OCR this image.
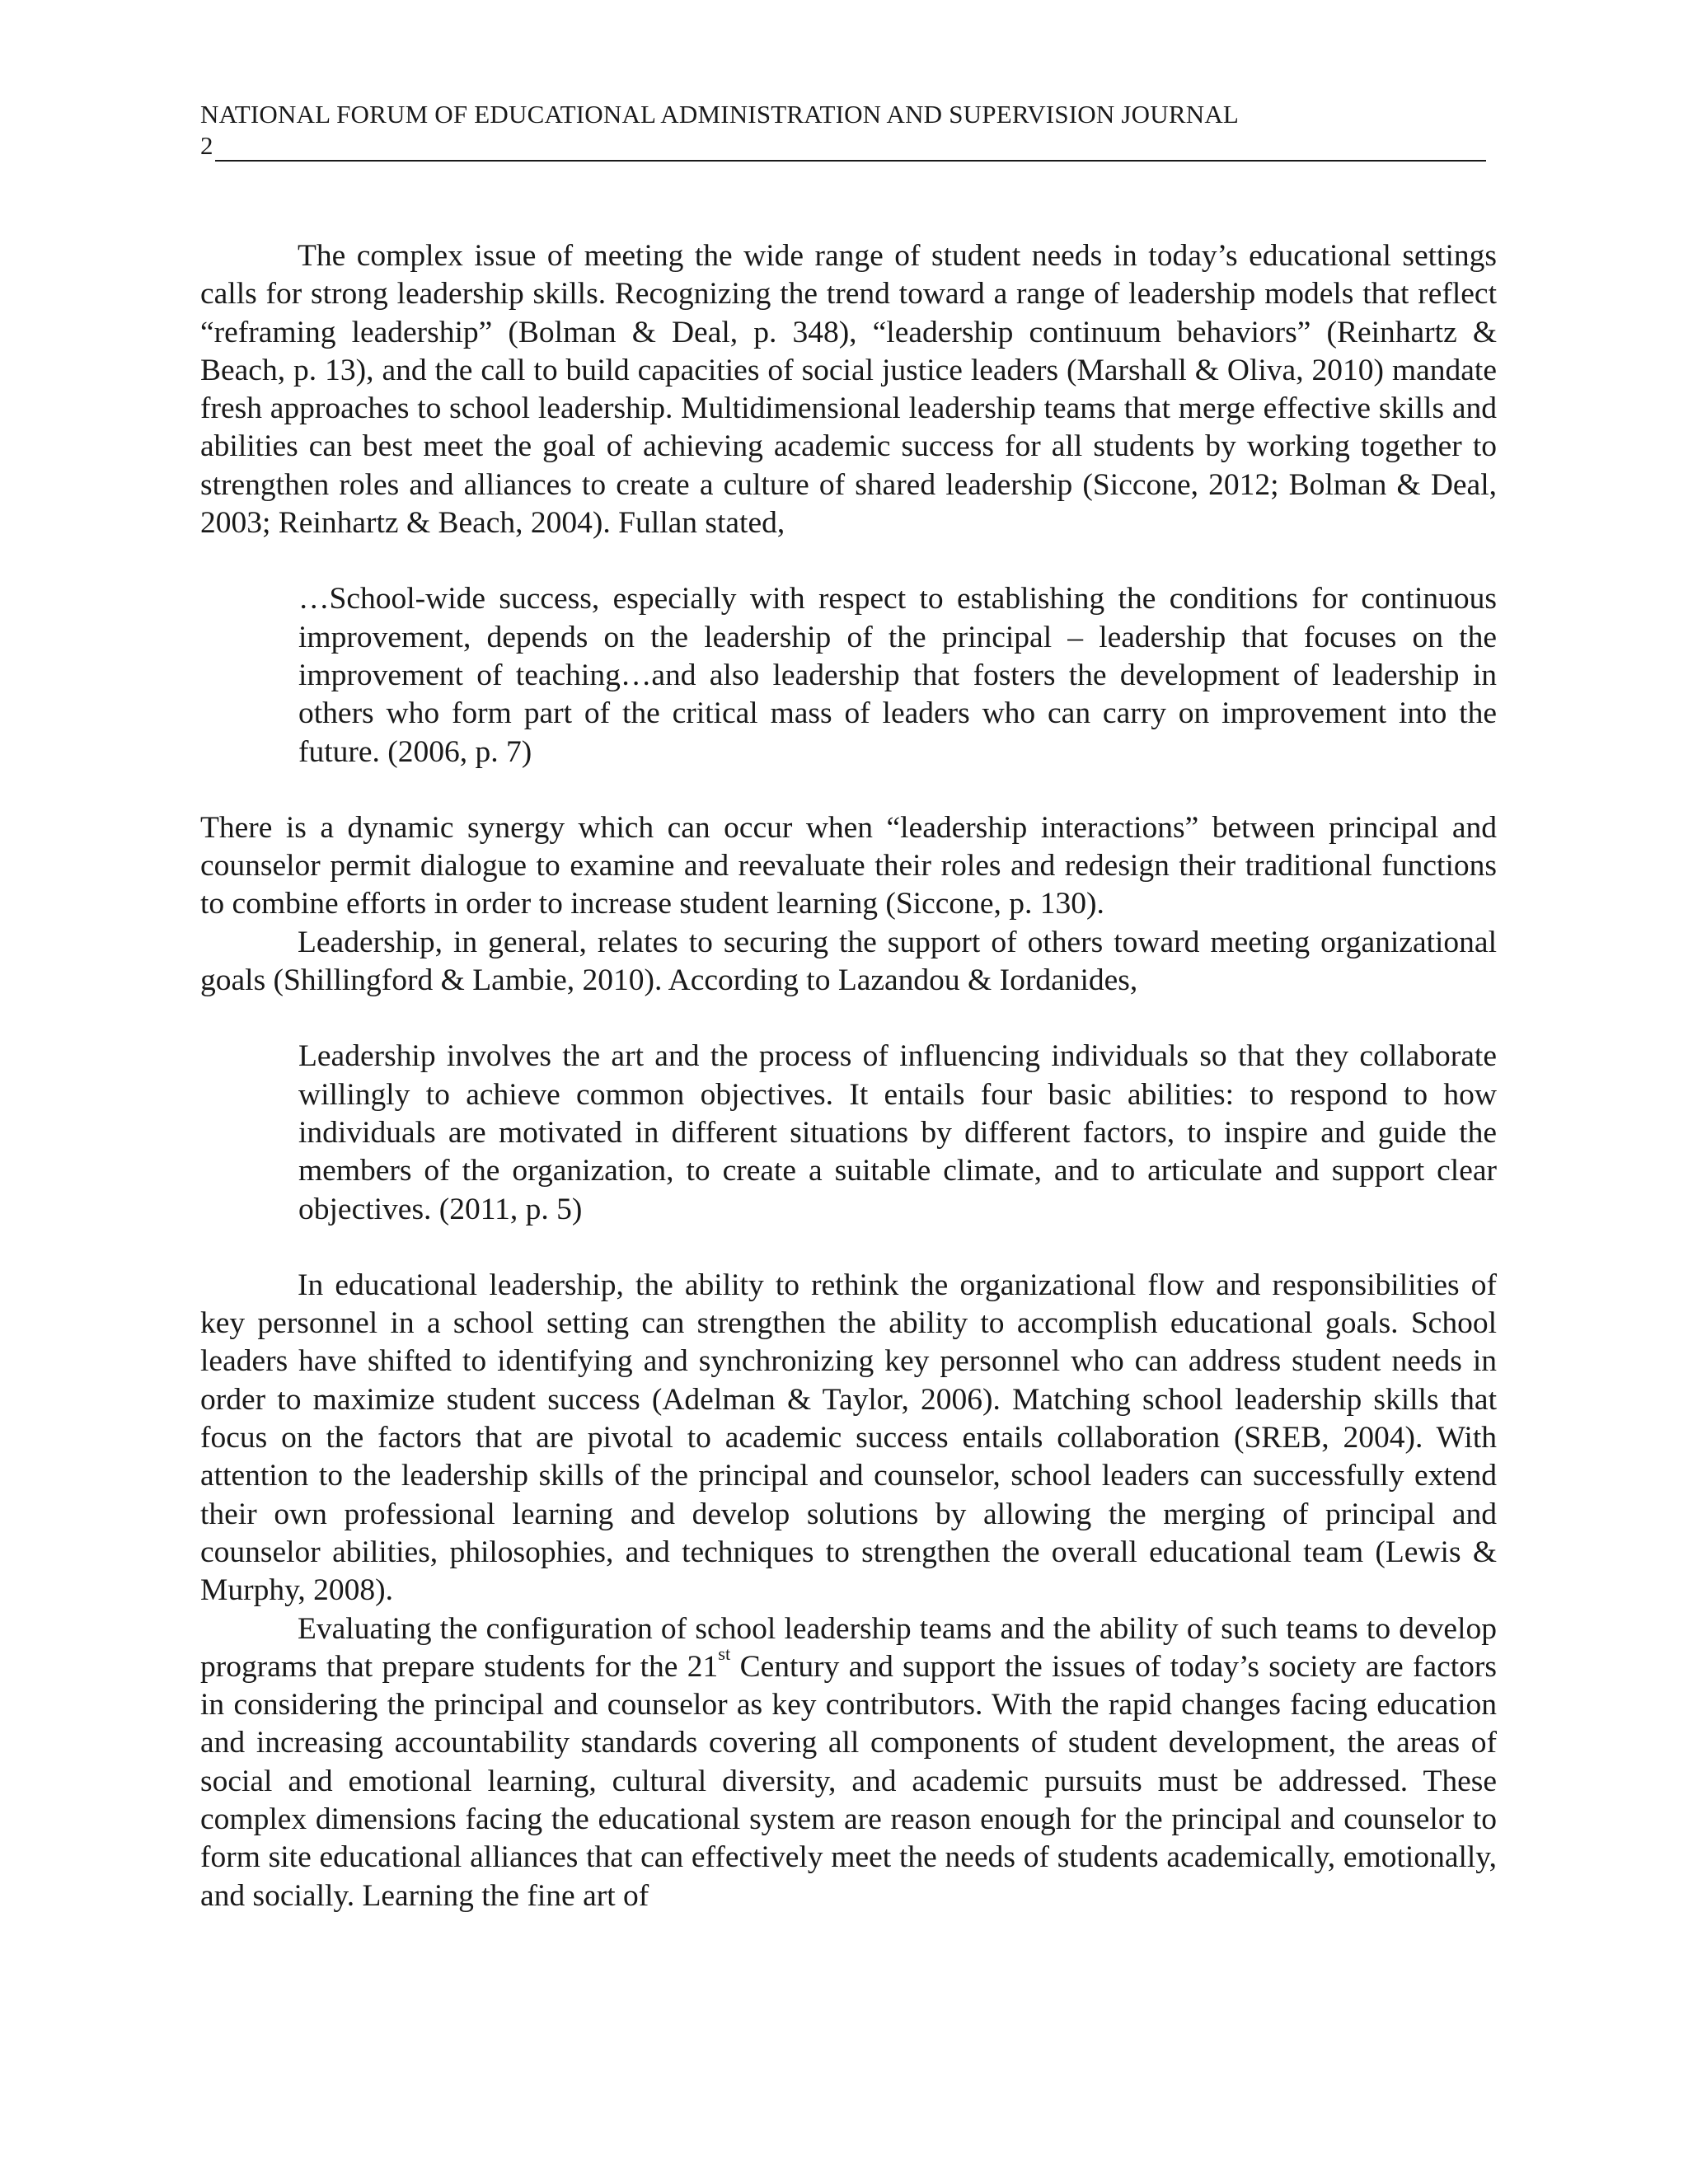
NATIONAL FORUM OF EDUCATIONAL ADMINISTRATION AND SUPERVISION JOURNAL
2

The complex issue of meeting the wide range of student needs in today’s educational settings calls for strong leadership skills. Recognizing the trend toward a range of leadership models that reflect “reframing leadership” (Bolman & Deal, p. 348), “leadership continuum behaviors” (Reinhartz & Beach, p. 13), and the call to build capacities of social justice leaders (Marshall & Oliva, 2010) mandate fresh approaches to school leadership. Multidimensional leadership teams that merge effective skills and abilities can best meet the goal of achieving academic success for all students by working together to strengthen roles and alliances to create a culture of shared leadership (Siccone, 2012; Bolman & Deal, 2003; Reinhartz & Beach, 2004). Fullan stated,

…School-wide success, especially with respect to establishing the conditions for continuous improvement, depends on the leadership of the principal – leadership that focuses on the improvement of teaching…and also leadership that fosters the development of leadership in others who form part of the critical mass of leaders who can carry on improvement into the future. (2006, p. 7)

There is a dynamic synergy which can occur when “leadership interactions” between principal and counselor permit dialogue to examine and reevaluate their roles and redesign their traditional functions to combine efforts in order to increase student learning (Siccone, p. 130).

Leadership, in general, relates to securing the support of others toward meeting organizational goals (Shillingford & Lambie, 2010). According to Lazandou & Iordanides,

Leadership involves the art and the process of influencing individuals so that they collaborate willingly to achieve common objectives. It entails four basic abilities: to respond to how individuals are motivated in different situations by different factors, to inspire and guide the members of the organization, to create a suitable climate, and to articulate and support clear objectives. (2011, p. 5)

In educational leadership, the ability to rethink the organizational flow and responsibilities of key personnel in a school setting can strengthen the ability to accomplish educational goals. School leaders have shifted to identifying and synchronizing key personnel who can address student needs in order to maximize student success (Adelman & Taylor, 2006). Matching school leadership skills that focus on the factors that are pivotal to academic success entails collaboration (SREB, 2004). With attention to the leadership skills of the principal and counselor, school leaders can successfully extend their own professional learning and develop solutions by allowing the merging of principal and counselor abilities, philosophies, and techniques to strengthen the overall educational team (Lewis & Murphy, 2008).

Evaluating the configuration of school leadership teams and the ability of such teams to develop programs that prepare students for the 21st Century and support the issues of today’s society are factors in considering the principal and counselor as key contributors. With the rapid changes facing education and increasing accountability standards covering all components of student development, the areas of social and emotional learning, cultural diversity, and academic pursuits must be addressed. These complex dimensions facing the educational system are reason enough for the principal and counselor to form site educational alliances that can effectively meet the needs of students academically, emotionally, and socially. Learning the fine art of
